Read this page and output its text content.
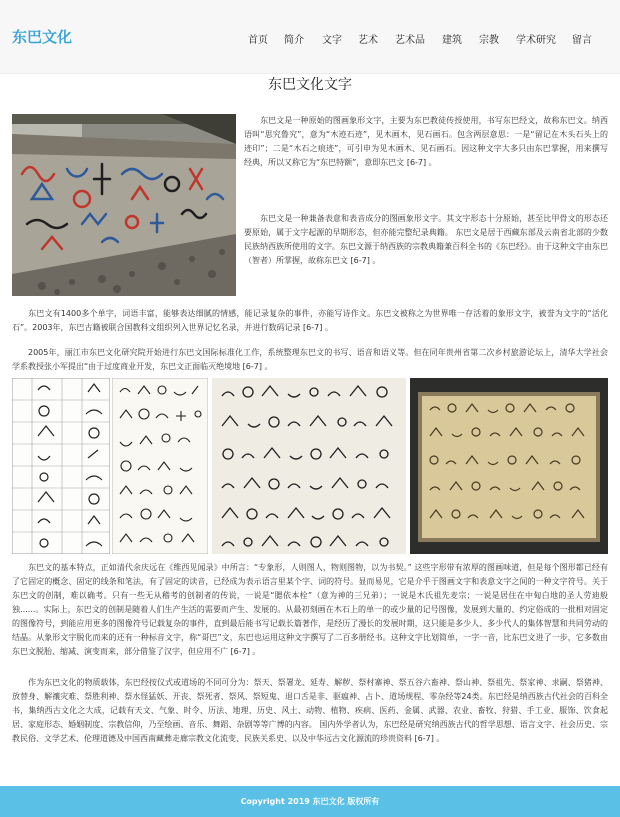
东巴文化	首页 简介 文字 艺术 艺术品 建筑 宗教 学术研究 留言
东巴文化文字
东巴文是一种原始的图画象形文字，主要为东巴教徒传授使用，书写东巴经文，故称东巴文。纳西语叫“思究鲁究”，意为“木迹石迹”，见木画木，见石画石。包含两层意思：一是“留记在木头石头上的迹印”；二是“木石之痕迹”，可引申为见木画木、见石画石。因这种文字大多只由东巴掌握，用来撰写经典，所以又称它为“东巴特额”，意即东巴文 [6-7] 。
东巴文是一种兼备表意和表音成分的图画象形文字。其文字形态十分原始，甚至比甲骨文的形态还要原始，属于文字起源的早期形态，但亦能完整纪录典籍。 东巴文是居于西藏东部及云南省北部的少数民族纳西族所使用的文字。东巴文源于纳西族的宗教典籍兼百科全书的《东巴经》。由于这种文字由东巴（智者）所掌握，故称东巴文 [6-7] 。
东巴文有1400多个单字，词语丰富，能够表达细腻的情感，能记录复杂的事件，亦能写诗作文。东巴文被称之为世界唯一存活着的象形文字，被誉为文字的“活化石”。2003年，东巴古籍被联合国教科文组织列入世界记忆名录，并进行数码记录 [6-7] 。
2005年，丽江市东巴文化研究院开始进行东巴文国际标准化工作，系统整理东巴文的书写、语音和语义等。但在同年贵州省第二次乡村旅游论坛上，清华大学社会学系教授张小军提出“由于过度商业开发，东巴文正面临灭绝境地 [6-7] 。
东巴文的基本特点，正如清代余庆远在《维西见闻录》中所言：“专象形，人则图人，物则图物，以为书契。” 这些字形带有浓厚的图画味道，但是每个图形都已经有了它固定的概念、固定的线条和笔法，有了固定的读音，已经成为表示语言里某个字、词的符号。显而易见，它是介乎于图画文字和表意文字之间的一种文字符号。关于东巴文的创制，难以确考。只有一些无从稽考的创制者的传说，一说是“腮依本栓”（意为神的三兄弟）；一说是木氏祖先麦宗；一说是居住在中甸白地的圣人劳迪般独......。实际上，东巴文的创制是随着人们生产生活的需要而产生、发展的。从最初刻画在木石上的单一的或少量的记号图像，发展到大量的、约定俗成的一批相对固定的图像符号，到能应用更多的图像符号记载复杂的事件，直到最后能书写记载长篇著作，是经历了漫长的发展时期，这只能是多少人、多少代人的集体智慧和共同劳动的结晶。从象形文字脱化而来的还有一种标音文字，称“哥巴”文，东巴也运用这种文字撰写了二百多册经书。这种文字比划简单，一字一音，比东巴文进了一步，它多数由东巴文脱胎、缩减、演变而来，部分借鉴了汉字，但应用不广 [6-7] 。
作为东巴文化的物质载体，东巴经按仪式或道场的不同可分为：祭天、祭署龙、延寿、解秽、祭村寨神、祭五谷六畜神、祭山神、祭祖先、祭家神、求嗣、祭猪神、放替身、解禳灾难、祭胜利神、祭水怪猛妖、开丧、祭死者、祭风、祭短鬼、退口舌是非、驱瘟神、占卜、道场规程、零杂经等24类。东巴经是纳西族古代社会的百科全书，集纳西古文化之大成，记载有天文、气象、时令、历法、地理、历史、风土、动物、植物、疾病、医药、金属、武器、农业、畜牧、狩猎、手工业、服饰、饮食起居、家庭形态、婚姻制度、宗教信仰，乃至绘画、音乐、舞蹈、杂剧等等广博的内容。 国内外学者认为，东巴经是研究纳西族古代的哲学思想、语言文字、社会历史、宗教民俗、文学艺术、伦理道德及中国西南藏彝走廊宗教文化流变、民族关系史、以及中华远古文化源流的珍贵资料 [6-7] 。
Copyright 2019 东巴文化 版权所有
